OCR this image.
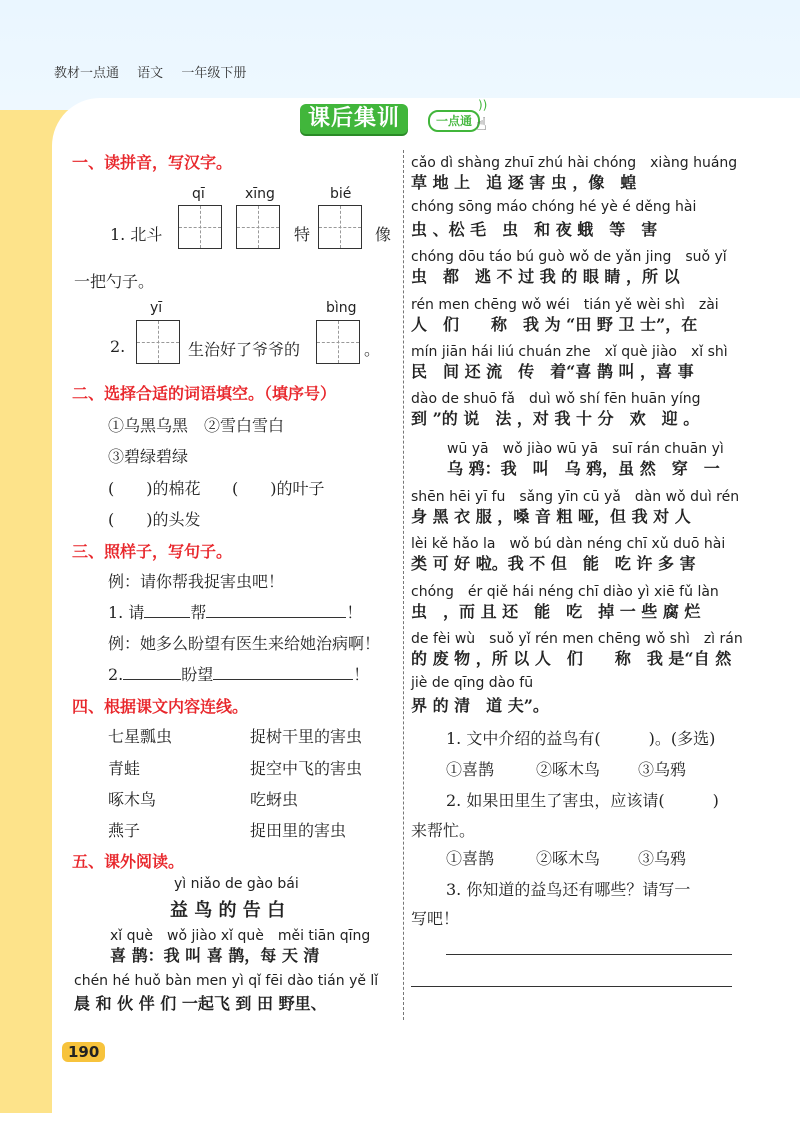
教材一点通 语文 一年级下册
课后集训	一点通
))
☝
一、读拼音，写汉字。
qī	xīng	bié
1. 北斗	特	像
一把勺子。
yī	bìng
2.	生治好了爷爷的	。
二、选择合适的词语填空。（填序号）
①乌黑乌黑　②雪白雪白
③碧绿碧绿
(　　)的棉花 (　　)的叶子
(　　)的头发
三、照样子，写句子。
例：请你帮我捉害虫吧！
1. 请	帮	！
例：她多么盼望有医生来给她治病啊！
2.	盼望	！
四、根据课文内容连线。
七星瓢虫
青蛙
啄木鸟
燕子
捉树干里的害虫
捉空中飞的害虫
吃蚜虫
捉田里的害虫
五、课外阅读。
yì niǎo de gào bái
益 鸟 的 告 白
xǐ què　wǒ jiào xǐ què　měi tiān qīng
喜 鹊：我 叫 喜 鹊，每 天 清
chén hé huǒ bàn men yì qǐ fēi dào tián yě lǐ
晨 和 伙 伴 们 一起飞 到 田 野里、
cǎo dì shàng zhuī zhú hài chóng　xiàng huáng
草 地 上　追 逐 害 虫 ，像　蝗
chóng sōng máo chóng hé yè é děng hài
虫 、松 毛　虫　和 夜 蛾　等　害
chóng dōu táo bú guò wǒ de yǎn jing　suǒ yǐ
虫　都　逃 不 过 我 的 眼 睛 ，所 以
rén men chēng wǒ wéi　tián yě wèi shì　zài
人　们　　称　我 为 “田 野 卫 士”，在
mín jiān hái liú chuán zhe　xǐ què jiào　xǐ shì
民　间 还 流　传　着“喜 鹊 叫 ，喜 事
dào de shuō fǎ　duì wǒ shí fēn huān yíng
到 ”的 说　法 ，对 我 十 分　欢　迎 。
wū yā　wǒ jiào wū yā　suī rán chuān yì
乌 鸦：我　叫　乌 鸦，虽 然　穿　一
shēn hēi yī fu　sǎng yīn cū yǎ　dàn wǒ duì rén
身 黑 衣 服 ，嗓 音 粗 哑，但 我 对 人
lèi kě hǎo la　wǒ bú dàn néng chī xǔ duō hài
类 可 好 啦。我 不 但　能　吃 许 多 害
chóng　ér qiě hái néng chī diào yì xiē fǔ làn
虫　，而 且 还　能　吃　掉 一 些 腐 烂
de fèi wù　suǒ yǐ rén men chēng wǒ shì　zì rán
的 废 物 ，所 以 人　们　　称　我 是“自 然
jiè de qīng dào fū
界 的 清　道 夫”。
1. 文中介绍的益鸟有(　　　)。(多选)
①喜鹊	②啄木鸟 ③乌鸦
2. 如果田里生了害虫，应该请(　　　)
来帮忙。
①喜鹊	②啄木鸟 ③乌鸦
3. 你知道的益鸟还有哪些？请写一
写吧！
190
